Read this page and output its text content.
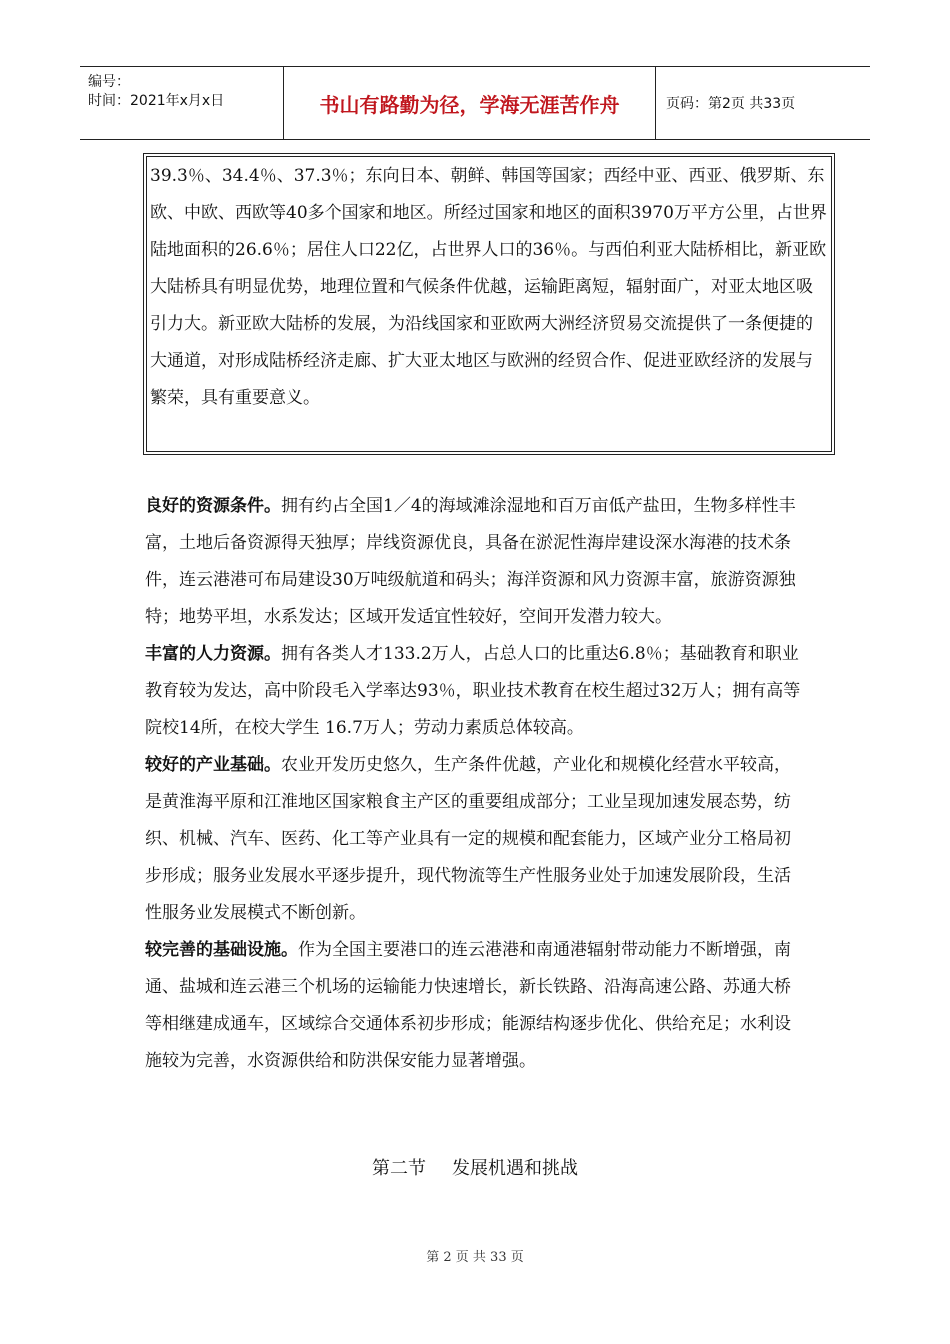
编号：
时间：2021年x月x日	书山有路勤为径，学海无涯苦作舟	页码：第2页 共33页
39.3％、34.4％、37.3％；东向日本、朝鲜、韩国等国家；西经中亚、西亚、俄罗斯、东欧、中欧、西欧等40多个国家和地区。所经过国家和地区的面积3970万平方公里，占世界陆地面积的26.6％；居住人口22亿，占世界人口的36％。与西伯利亚大陆桥相比，新亚欧大陆桥具有明显优势，地理位置和气候条件优越，运输距离短，辐射面广，对亚太地区吸引力大。新亚欧大陆桥的发展，为沿线国家和亚欧两大洲经济贸易交流提供了一条便捷的大通道，对形成陆桥经济走廊、扩大亚太地区与欧洲的经贸合作、促进亚欧经济的发展与繁荣，具有重要意义。

良好的资源条件。拥有约占全国1／4的海域滩涂湿地和百万亩低产盐田，生物多样性丰富，土地后备资源得天独厚；岸线资源优良，具备在淤泥性海岸建设深水海港的技术条件，连云港港可布局建设30万吨级航道和码头；海洋资源和风力资源丰富，旅游资源独特；地势平坦，水系发达；区域开发适宜性较好，空间开发潜力较大。

丰富的人力资源。拥有各类人才133.2万人，占总人口的比重达6.8％；基础教育和职业教育较为发达，高中阶段毛入学率达93％，职业技术教育在校生超过32万人；拥有高等院校14所，在校大学生 16.7万人；劳动力素质总体较高。

较好的产业基础。农业开发历史悠久，生产条件优越，产业化和规模化经营水平较高，是黄淮海平原和江淮地区国家粮食主产区的重要组成部分；工业呈现加速发展态势，纺织、机械、汽车、医药、化工等产业具有一定的规模和配套能力，区域产业分工格局初步形成；服务业发展水平逐步提升，现代物流等生产性服务业处于加速发展阶段，生活性服务业发展模式不断创新。

较完善的基础设施。作为全国主要港口的连云港港和南通港辐射带动能力不断增强，南通、盐城和连云港三个机场的运输能力快速增长，新长铁路、沿海高速公路、苏通大桥等相继建成通车，区域综合交通体系初步形成；能源结构逐步优化、供给充足；水利设施较为完善，水资源供给和防洪保安能力显著增强。

第二节 发展机遇和挑战
第 2 页 共 33 页
